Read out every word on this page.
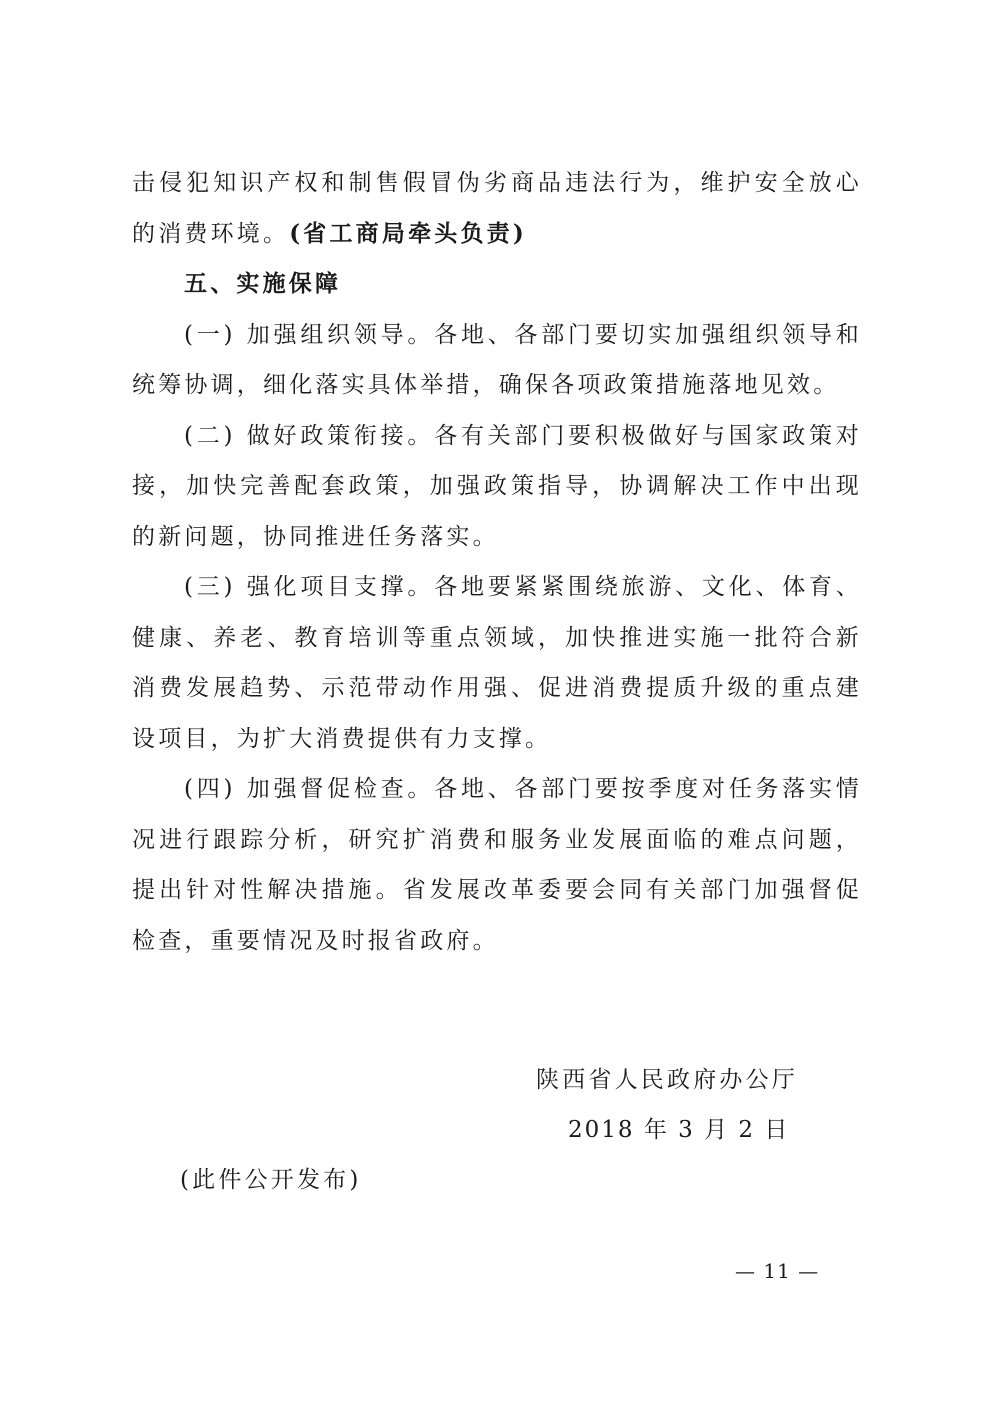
击侵犯知识产权和制售假冒伪劣商品违法行为，维护安全放心的消费环境。(省工商局牵头负责)

五、实施保障

(一) 加强组织领导。各地、各部门要切实加强组织领导和统筹协调，细化落实具体举措，确保各项政策措施落地见效。

(二) 做好政策衔接。各有关部门要积极做好与国家政策对接，加快完善配套政策，加强政策指导，协调解决工作中出现的新问题，协同推进任务落实。

(三) 强化项目支撑。各地要紧紧围绕旅游、文化、体育、健康、养老、教育培训等重点领域，加快推进实施一批符合新消费发展趋势、示范带动作用强、促进消费提质升级的重点建设项目，为扩大消费提供有力支撑。

(四) 加强督促检查。各地、各部门要按季度对任务落实情况进行跟踪分析，研究扩消费和服务业发展面临的难点问题，提出针对性解决措施。省发展改革委要会同有关部门加强督促检查，重要情况及时报省政府。

陕西省人民政府办公厅
2018 年 3 月 2 日
(此件公开发布)
— 11 —
